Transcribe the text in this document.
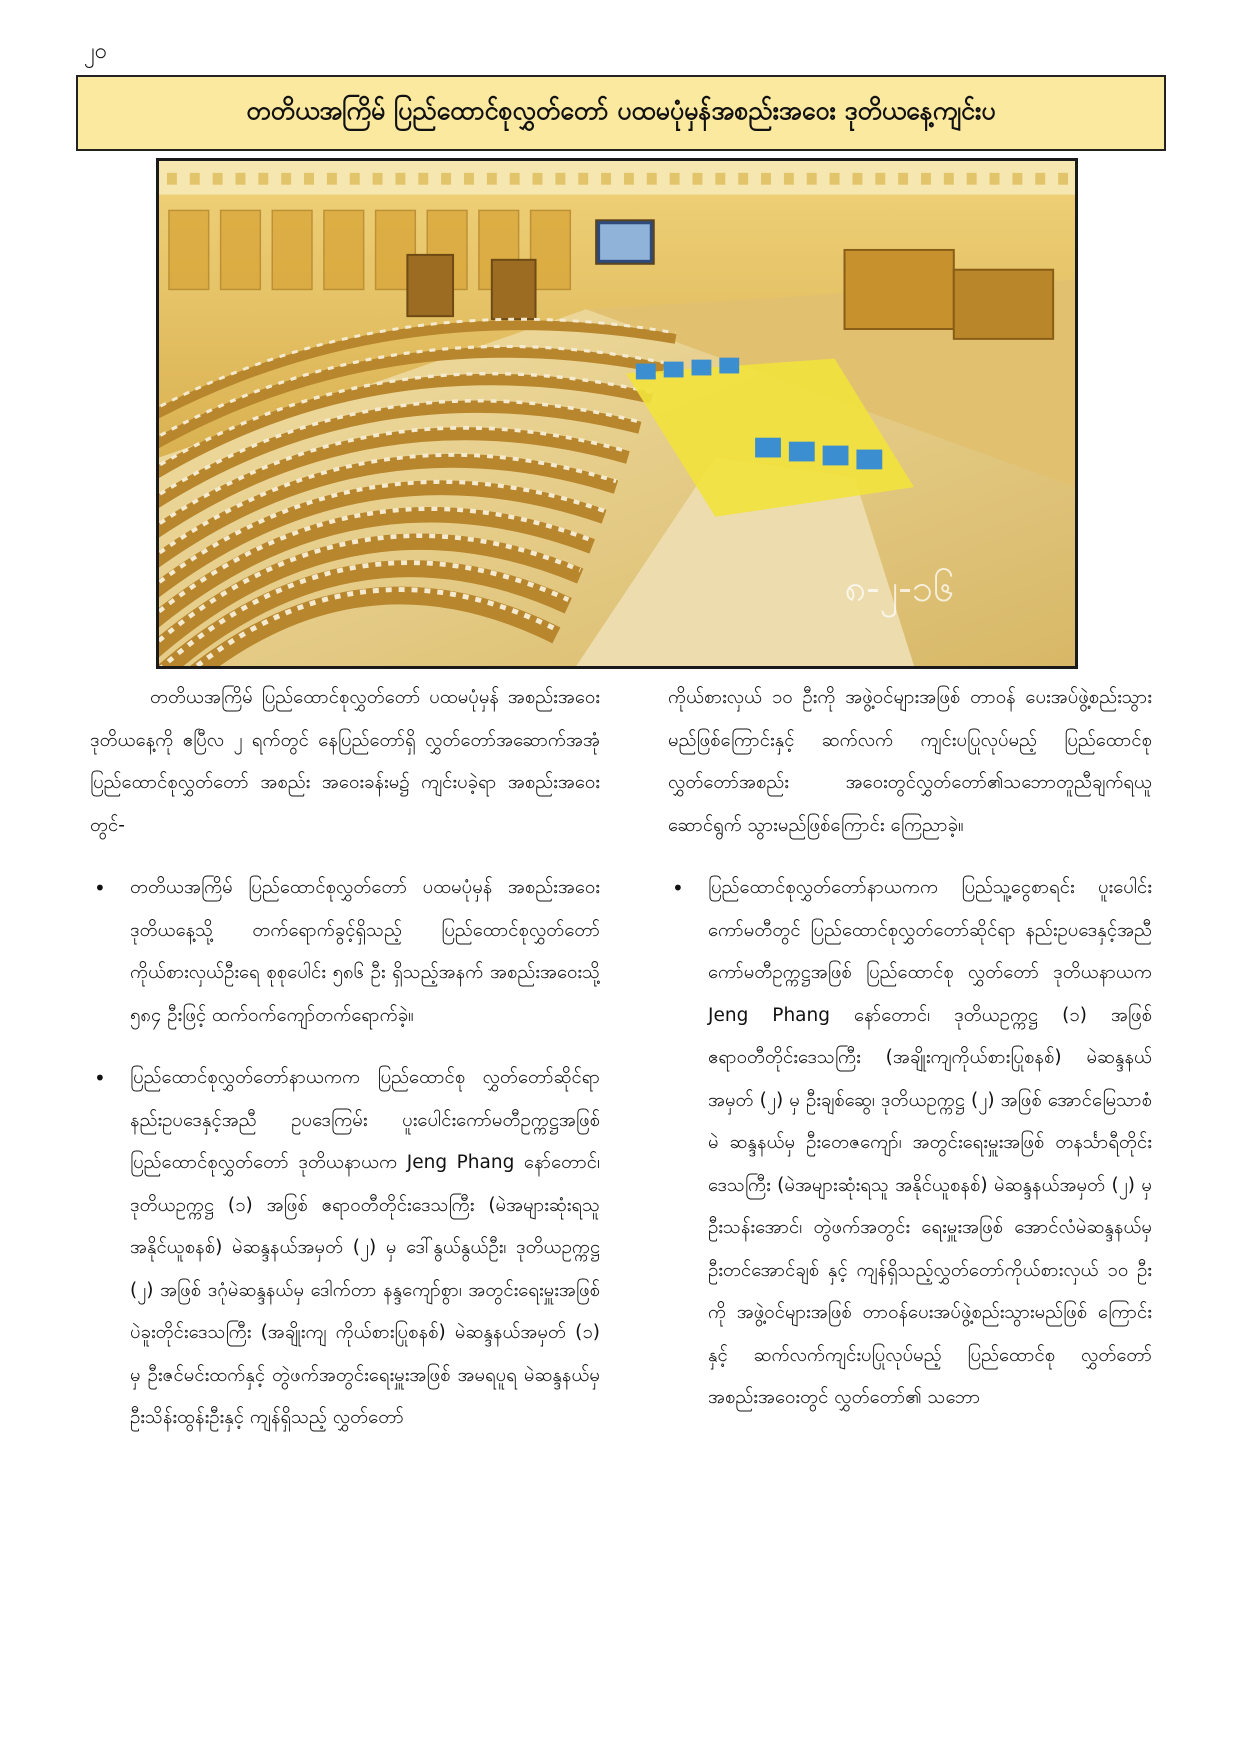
၂၀
တတိယအကြိမ် ပြည်ထောင်စုလွှတ်တော် ပထမပုံမှန်အစည်းအဝေး ဒုတိယနေ့ကျင်းပ
၈-၂-၁၆

တတိယအကြိမ် ပြည်ထောင်စုလွှတ်တော် ပထမပုံမှန် အစည်းအဝေး ဒုတိယနေ့ကို ဧပြီလ ၂ ရက်တွင် နေပြည်တော်ရှိ လွှတ်တော်အဆောက်အအုံ ပြည်ထောင်စုလွှတ်တော် အစည်း အဝေးခန်းမ၌ ကျင်းပခဲ့ရာ အစည်းအဝေးတွင်-

• တတိယအကြိမ် ပြည်ထောင်စုလွှတ်တော် ပထမပုံမှန် အစည်းအဝေး ဒုတိယနေ့သို့ တက်ရောက်ခွင့်ရှိသည့် ပြည်ထောင်စုလွှတ်တော် ကိုယ်စားလှယ်ဦးရေ စုစုပေါင်း ၅၈၆ ဦး ရှိသည့်အနက် အစည်းအဝေးသို့ ၅၈၄ ဦးဖြင့် ထက်ဝက်ကျော်တက်ရောက်ခဲ့။

• ပြည်ထောင်စုလွှတ်တော်နာယကက ပြည်ထောင်စု လွှတ်တော်ဆိုင်ရာ နည်းဥပဒေနှင့်အညီ ဥပဒေကြမ်း ပူးပေါင်းကော်မတီဥက္ကဋ္ဌအဖြစ် ပြည်ထောင်စုလွှတ်တော် ဒုတိယနာယက Jeng Phang နော်တောင်၊ ဒုတိယဥက္ကဋ္ဌ (၁) အဖြစ် ဧရာဝတီတိုင်းဒေသကြီး (မဲအများဆုံးရသူ အနိုင်ယူစနစ်) မဲဆန္ဒနယ်အမှတ် (၂) မှ ဒေါ်နွယ်နွယ်ဦး၊ ဒုတိယဥက္ကဋ္ဌ (၂) အဖြစ် ဒဂုံမဲဆန္ဒနယ်မှ ဒေါက်တာ နန္ဒကျော်စွာ၊ အတွင်းရေးမှူးအဖြစ် ပဲခူးတိုင်းဒေသကြီး (အချိုးကျ ကိုယ်စားပြုစနစ်) မဲဆန္ဒနယ်အမှတ် (၁) မှ ဦးဇင်မင်းထက်နှင့် တွဲဖက်အတွင်းရေးမှူးအဖြစ် အမရပူရ မဲဆန္ဒနယ်မှ ဦးသိန်းထွန်းဦးနှင့် ကျန်ရှိသည့် လွှတ်တော်

ကိုယ်စားလှယ် ၁၀ ဦးကို အဖွဲ့ဝင်များအဖြစ် တာဝန် ပေးအပ်ဖွဲ့စည်းသွားမည်ဖြစ်ကြောင်းနှင့် ဆက်လက် ကျင်းပပြုလုပ်မည့် ပြည်ထောင်စုလွှတ်တော်အစည်း အဝေးတွင်လွှတ်တော်၏သဘောတူညီချက်ရယူဆောင်ရွက် သွားမည်ဖြစ်ကြောင်း ကြေညာခဲ့။

• ပြည်ထောင်စုလွှတ်တော်နာယကက ပြည်သူ့ငွေစာရင်း ပူးပေါင်းကော်မတီတွင် ပြည်ထောင်စုလွှတ်တော်ဆိုင်ရာ နည်းဥပဒေနှင့်အညီ ကော်မတီဥက္ကဋ္ဌအဖြစ် ပြည်ထောင်စု လွှတ်တော် ဒုတိယနာယက Jeng Phang နော်တောင်၊ ဒုတိယဥက္ကဋ္ဌ (၁) အဖြစ် ဧရာဝတီတိုင်းဒေသကြီး (အချိုးကျကိုယ်စားပြုစနစ်) မဲဆန္ဒနယ်အမှတ် (၂) မှ ဦးချစ်ဆွေ၊ ဒုတိယဥက္ကဋ္ဌ (၂) အဖြစ် အောင်မြေသာစံမဲ ဆန္ဒနယ်မှ ဦးတေဇကျော်၊ အတွင်းရေးမှူးအဖြစ် တနင်္သာရီတိုင်းဒေသကြီး (မဲအများဆုံးရသူ အနိုင်ယူစနစ်) မဲဆန္ဒနယ်အမှတ် (၂) မှ ဦးသန်းအောင်၊ တွဲဖက်အတွင်း ရေးမှူးအဖြစ် အောင်လံမဲဆန္ဒနယ်မှ ဦးတင်အောင်ချစ် နှင့် ကျန်ရှိသည့်လွှတ်တော်ကိုယ်စားလှယ် ၁၀ ဦးကို အဖွဲ့ဝင်များအဖြစ် တာဝန်ပေးအပ်ဖွဲ့စည်းသွားမည်ဖြစ် ကြောင်းနှင့် ဆက်လက်ကျင်းပပြုလုပ်မည့် ပြည်ထောင်စု လွှတ်တော်အစည်းအဝေးတွင် လွှတ်တော်၏ သဘော
